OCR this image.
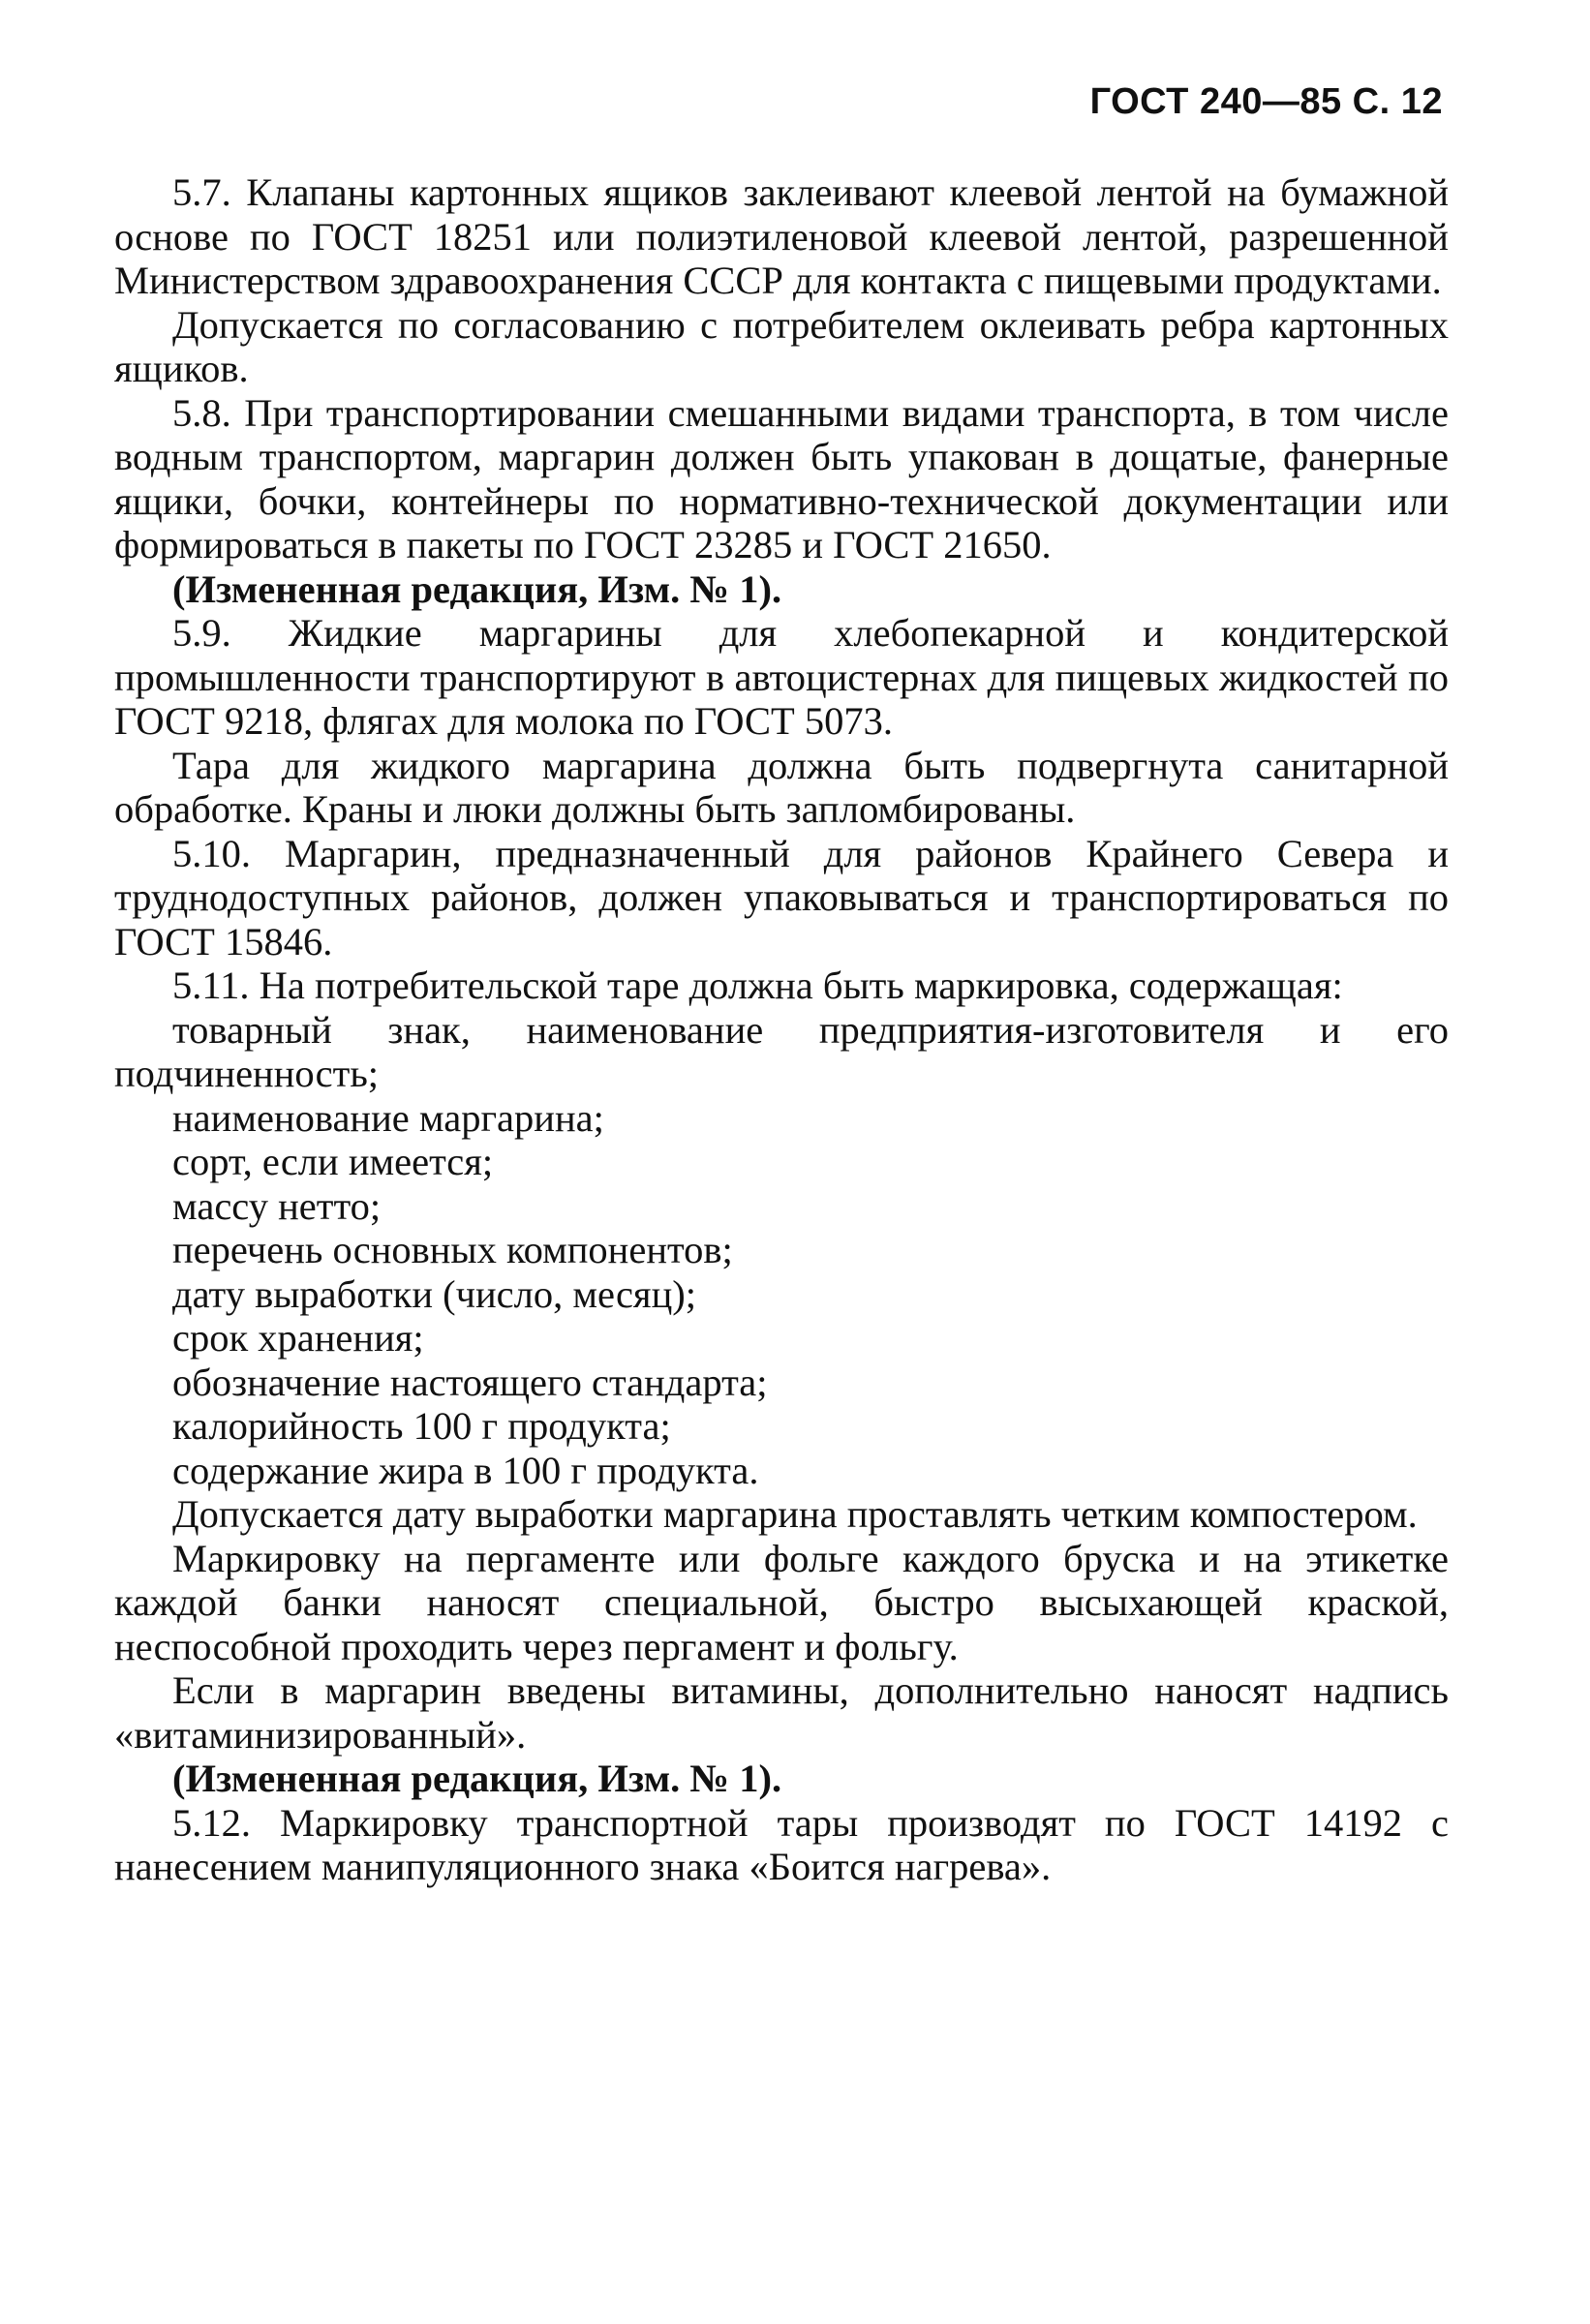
ГОСТ 240—85 С. 12

5.7. Клапаны картонных ящиков заклеивают клеевой лентой на бумажной основе по ГОСТ 18251 или полиэтиленовой клеевой лентой, разрешенной Министерством здравоохранения СССР для контакта с пищевыми продуктами.

Допускается по согласованию с потребителем оклеивать ребра картонных ящиков.

5.8. При транспортировании смешанными видами транспорта, в том числе водным транспортом, маргарин должен быть упакован в дощатые, фанерные ящики, бочки, контейнеры по нормативно-технической документации или формироваться в пакеты по ГОСТ 23285 и ГОСТ 21650.

(Измененная редакция, Изм. № 1).

5.9. Жидкие маргарины для хлебопекарной и кондитерской промышленности транспортируют в автоцистернах для пищевых жидкостей по ГОСТ 9218, флягах для молока по ГОСТ 5073.

Тара для жидкого маргарина должна быть подвергнута санитарной обработке. Краны и люки должны быть запломбированы.

5.10. Маргарин, предназначенный для районов Крайнего Севера и труднодоступных районов, должен упаковываться и транспортироваться по ГОСТ 15846.

5.11. На потребительской таре должна быть маркировка, содержащая:

товарный знак, наименование предприятия-изготовителя и его подчиненность;

наименование маргарина;

сорт, если имеется;

массу нетто;

перечень основных компонентов;

дату выработки (число, месяц);

срок хранения;

обозначение настоящего стандарта;

калорийность 100 г продукта;

содержание жира в 100 г продукта.

Допускается дату выработки маргарина проставлять четким компостером.

Маркировку на пергаменте или фольге каждого бруска и на этикетке каждой банки наносят специальной, быстро высыхающей краской, неспособной проходить через пергамент и фольгу.

Если в маргарин введены витамины, дополнительно наносят надпись «витаминизированный».

(Измененная редакция, Изм. № 1).

5.12. Маркировку транспортной тары производят по ГОСТ 14192 с нанесением манипуляционного знака «Боится нагрева».
